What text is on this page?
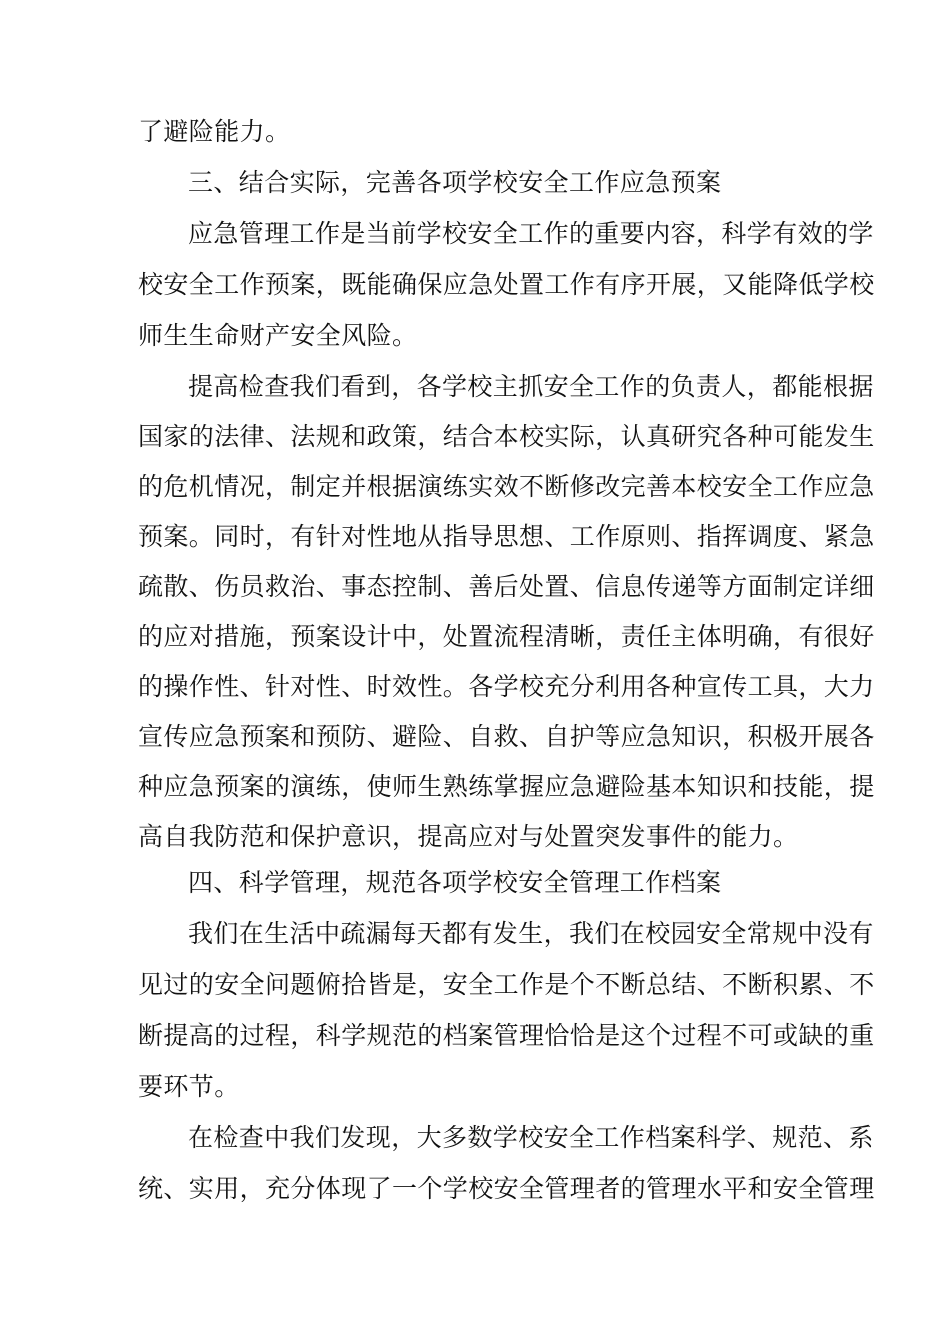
了避险能力。
三、结合实际，完善各项学校安全工作应急预案
应急管理工作是当前学校安全工作的重要内容，科学有效的学
校安全工作预案，既能确保应急处置工作有序开展，又能降低学校
师生生命财产安全风险。
提高检查我们看到，各学校主抓安全工作的负责人，都能根据
国家的法律、法规和政策，结合本校实际，认真研究各种可能发生
的危机情况，制定并根据演练实效不断修改完善本校安全工作应急
预案。同时，有针对性地从指导思想、工作原则、指挥调度、紧急
疏散、伤员救治、事态控制、善后处置、信息传递等方面制定详细
的应对措施，预案设计中，处置流程清晰，责任主体明确，有很好
的操作性、针对性、时效性。各学校充分利用各种宣传工具，大力
宣传应急预案和预防、避险、自救、自护等应急知识，积极开展各
种应急预案的演练，使师生熟练掌握应急避险基本知识和技能，提
高自我防范和保护意识，提高应对与处置突发事件的能力。
四、科学管理，规范各项学校安全管理工作档案
我们在生活中疏漏每天都有发生，我们在校园安全常规中没有
见过的安全问题俯拾皆是，安全工作是个不断总结、不断积累、不
断提高的过程，科学规范的档案管理恰恰是这个过程不可或缺的重
要环节。
在检查中我们发现，大多数学校安全工作档案科学、规范、系
统、实用，充分体现了一个学校安全管理者的管理水平和安全管理
